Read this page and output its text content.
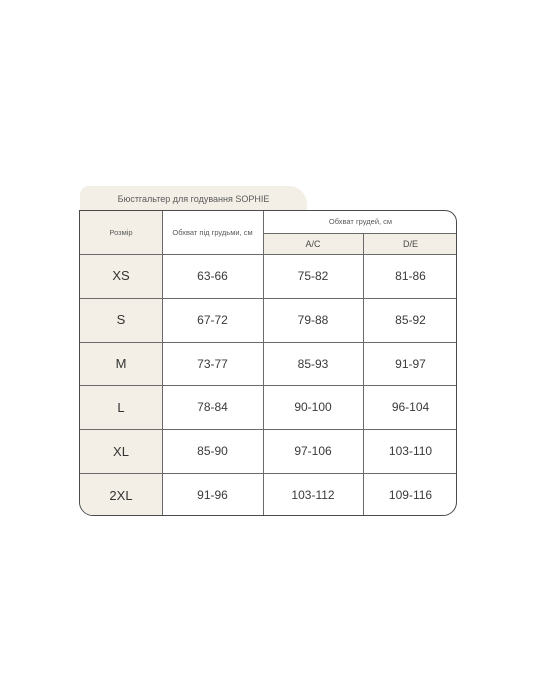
Бюстгальтер для годування SOPHIE
Розмір	Обхват під грудьми, см
Обхват грудей, см
A/C	D/E
XS	63-66	75-82	81-86
S	67-72	79-88	85-92
M	73-77	85-93	91-97
L	78-84	90-100	96-104
XL	85-90	97-106	103-110
2XL	91-96	103-112	109-116
